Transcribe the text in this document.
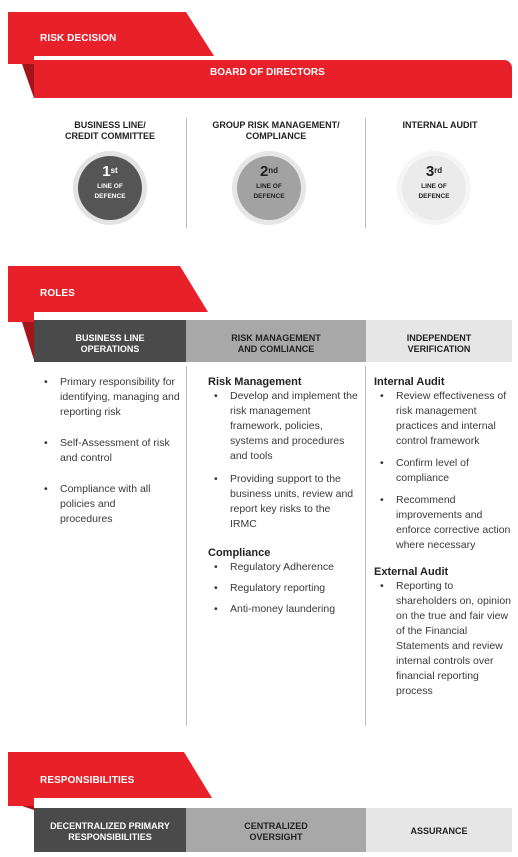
RISK DECISION
BOARD OF DIRECTORS
BUSINESS LINE/
CREDIT COMMITTEE
GROUP RISK MANAGEMENT/
COMPLIANCE
INTERNAL AUDIT
1st
LINE OF
DEFENCE
2nd
LINE OF
DEFENCE
3rd
LINE OF
DEFENCE
ROLES
BUSINESS LINE
OPERATIONS
RISK MANAGEMENT
AND COMLIANCE
INDEPENDENT
VERIFICATION
• Primary responsibility for identifying, managing and reporting risk
• Self-Assessment of risk and control
• Compliance with all policies and procedures
Risk Management
• Develop and implement the risk management framework, policies, systems and procedures and tools
• Providing support to the business units, review and report key risks to the IRMC
Compliance
• Regulatory Adherence
• Regulatory reporting
• Anti-money laundering
Internal Audit
• Review effectiveness of risk management practices and internal control framework
• Confirm level of compliance
• Recommend improvements and enforce corrective action where necessary
External Audit
• Reporting to shareholders on, opinion on the true and fair view of the Financial Statements and review internal controls over financial reporting process
RESPONSIBILITIES
DECENTRALIZED PRIMARY
RESPONSIBILITIES
CENTRALIZED
OVERSIGHT
ASSURANCE
